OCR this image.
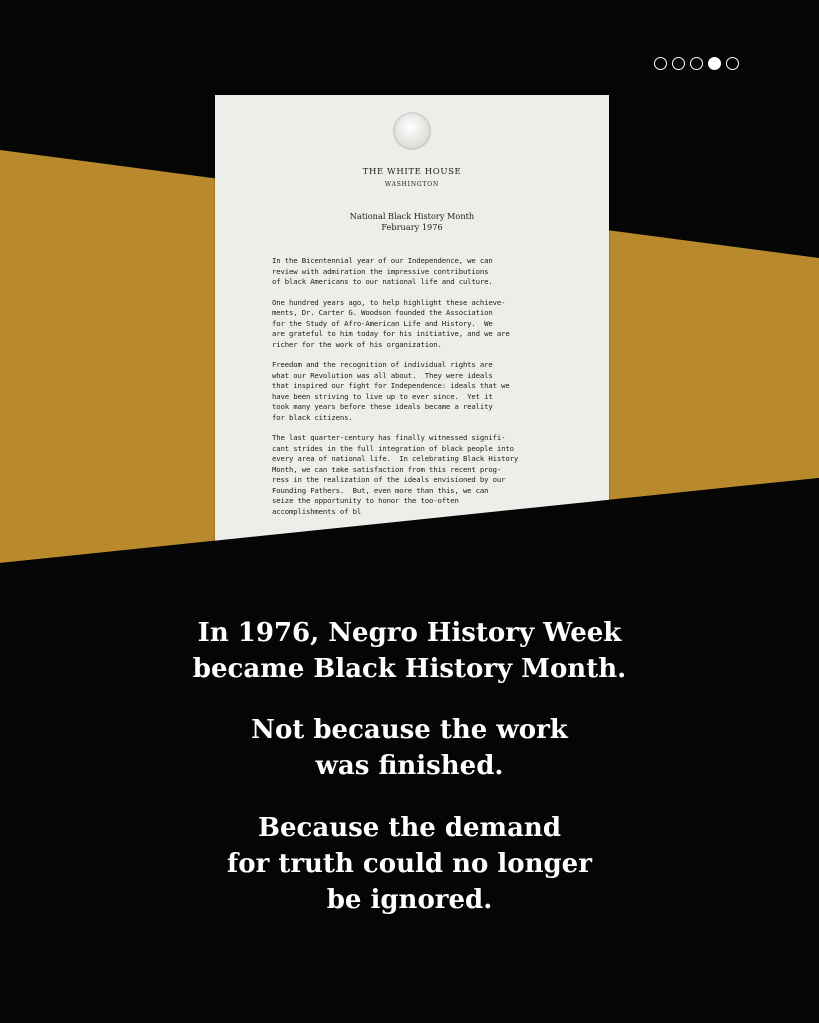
THE WHITE HOUSE
WASHINGTON
National Black History Month
February 1976
In the Bicentennial year of our Independence, we can
review with admiration the impressive contributions
of black Americans to our national life and culture.
One hundred years ago, to help highlight these achieve-
ments, Dr. Carter G. Woodson founded the Association
for the Study of Afro-American Life and History.  We
are grateful to him today for his initiative, and we are
richer for the work of his organization.
Freedom and the recognition of individual rights are
what our Revolution was all about.  They were ideals
that inspired our fight for Independence: ideals that we
have been striving to live up to ever since.  Yet it
took many years before these ideals became a reality
for black citizens.
The last quarter-century has finally witnessed signifi-
cant strides in the full integration of black people into
every area of national life.  In celebrating Black History
Month, we can take satisfaction from this recent prog-
ress in the realization of the ideals envisioned by our
Founding Fathers.  But, even more than this, we can
seize the opportunity to honor the too-often
accomplishments of bl
In 1976, Negro History Week
became Black History Month.
Not because the work
was finished.
Because the demand
for truth could no longer
be ignored.
